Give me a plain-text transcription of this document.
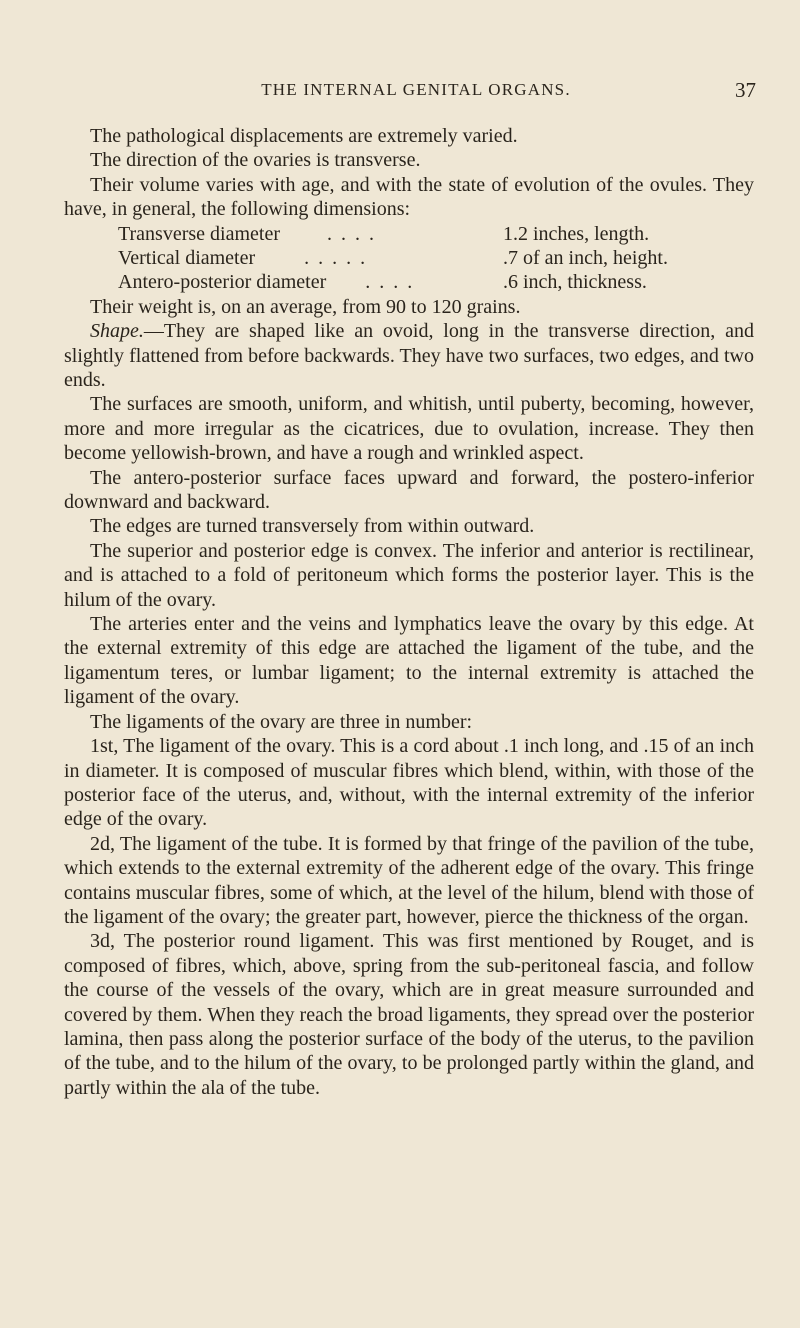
THE INTERNAL GENITAL ORGANS.	37

The pathological displacements are extremely varied.

The direction of the ovaries is transverse.

Their volume varies with age, and with the state of evolution of the ovules. They have, in general, the following dimensions:

Transverse diameter . . . .	1.2 inches, length.
Vertical diameter . . . . .	.7 of an inch, height.
Antero-posterior diameter . . . .	.6 inch, thickness.

Their weight is, on an average, from 90 to 120 grains.

Shape.—They are shaped like an ovoid, long in the transverse direction, and slightly flattened from before backwards. They have two surfaces, two edges, and two ends.

The surfaces are smooth, uniform, and whitish, until puberty, becoming, however, more and more irregular as the cicatrices, due to ovulation, increase. They then become yellowish-brown, and have a rough and wrinkled aspect.

The antero-posterior surface faces upward and forward, the postero-inferior downward and backward.

The edges are turned transversely from within outward.

The superior and posterior edge is convex. The inferior and anterior is rectilinear, and is attached to a fold of peritoneum which forms the posterior layer. This is the hilum of the ovary.

The arteries enter and the veins and lymphatics leave the ovary by this edge. At the external extremity of this edge are attached the ligament of the tube, and the ligamentum teres, or lumbar ligament; to the internal extremity is attached the ligament of the ovary.

The ligaments of the ovary are three in number:

1st, The ligament of the ovary. This is a cord about .1 inch long, and .15 of an inch in diameter. It is composed of muscular fibres which blend, within, with those of the posterior face of the uterus, and, without, with the internal extremity of the inferior edge of the ovary.

2d, The ligament of the tube. It is formed by that fringe of the pavilion of the tube, which extends to the external extremity of the adherent edge of the ovary. This fringe contains muscular fibres, some of which, at the level of the hilum, blend with those of the ligament of the ovary; the greater part, however, pierce the thickness of the organ.

3d, The posterior round ligament. This was first mentioned by Rouget, and is composed of fibres, which, above, spring from the sub-peritoneal fascia, and follow the course of the vessels of the ovary, which are in great measure surrounded and covered by them. When they reach the broad ligaments, they spread over the posterior lamina, then pass along the posterior surface of the body of the uterus, to the pavilion of the tube, and to the hilum of the ovary, to be prolonged partly within the gland, and partly within the ala of the tube.
